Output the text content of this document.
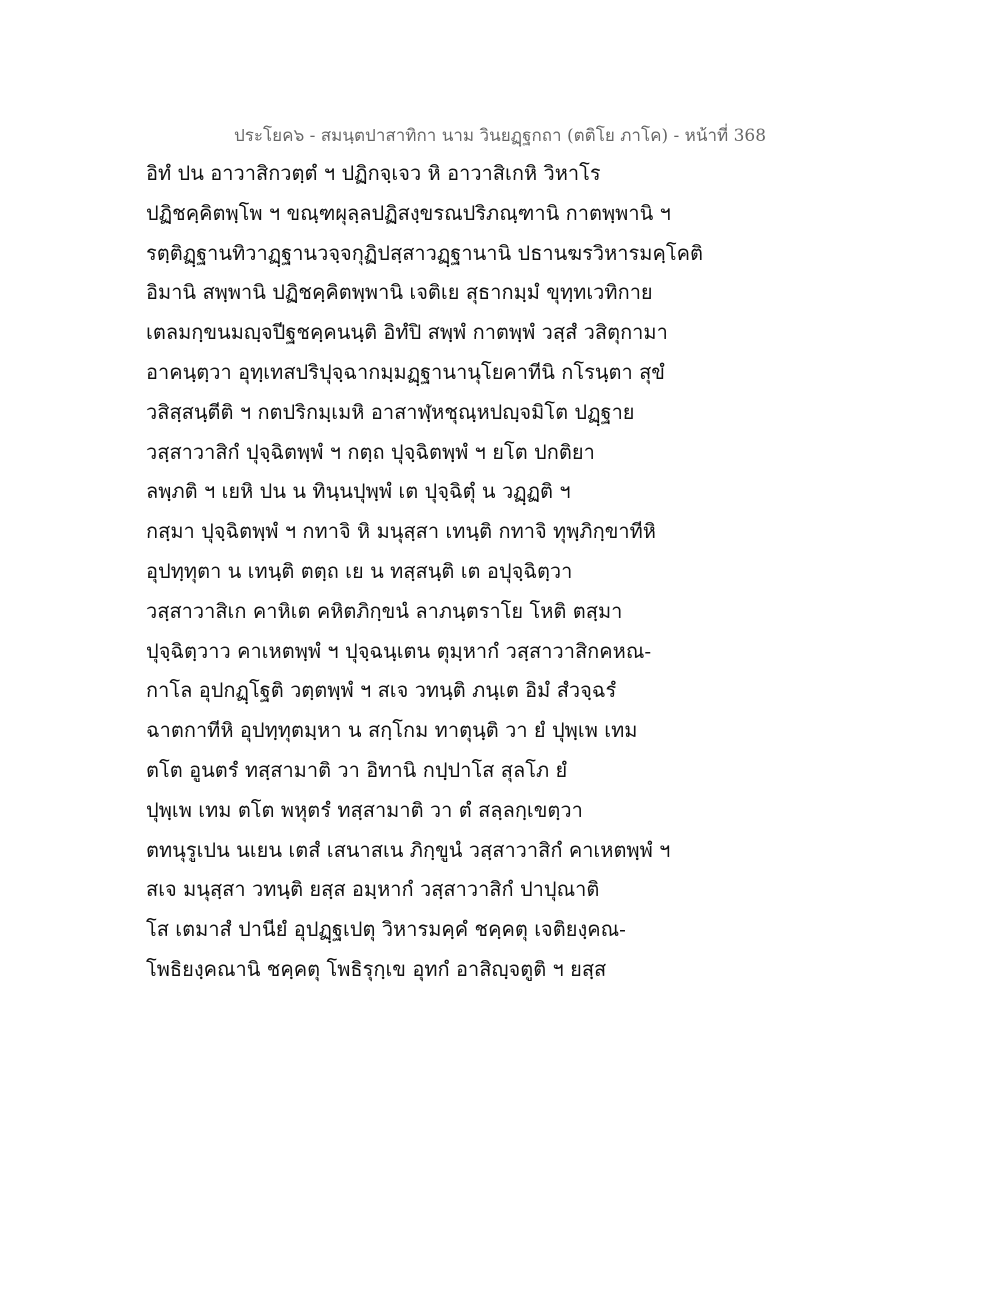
ประโยค๖ - สมนฺตปาสาทิกา นาม วินยฏฺฐกถา (ตติโย ภาโค) - หน้าที่ 368
อิทํ ปน อาวาสิกวตฺตํ ฯ ปฏิกจฺเจว หิ อาวาสิเกหิ วิหาโร
ปฏิชคฺคิตพฺโพ ฯ ขณฺฑผุลฺลปฏิสงฺขรณปริภณฺฑานิ กาตพฺพานิ ฯ
รตฺติฏฺฐานทิวาฏฺฐานวจฺจกุฏิปสฺสาวฏฺฐานานิ ปธานฆรวิหารมคฺโคติ
อิมานิ สพฺพานิ ปฏิชคฺคิตพฺพานิ เจติเย สุธากมฺมํ ขุทฺทเวทิกาย
เตลมกฺขนมญฺจปีฐชคฺคนนฺติ อิทํปิ สพฺพํ กาตพฺพํ วสฺสํ วสิตุกามา
อาคนฺตฺวา อุทฺเทสปริปุจฺฉากมฺมฏฺฐานานุโยคาทีนิ กโรนฺตา สุขํ
วสิสฺสนฺตีติ ฯ กตปริกมฺเมหิ อาสาฬฺหชุณฺหปญฺจมิโต ปฏฺฐาย
วสฺสาวาสิกํ ปุจฺฉิตพฺพํ ฯ กตฺถ ปุจฺฉิตพฺพํ ฯ ยโต ปกติยา
ลพฺภติ ฯ เยหิ ปน น ทินฺนปุพฺพํ เต ปุจฺฉิตุํ น วฏฺฏติ ฯ
กสฺมา ปุจฺฉิตพฺพํ ฯ กทาจิ หิ มนุสฺสา เทนฺติ กทาจิ ทุพฺภิกฺขาทีหิ
อุปทฺทุตา น เทนฺติ ตตฺถ เย น ทสฺสนฺติ เต อปุจฺฉิตฺวา
วสฺสาวาสิเก คาหิเต คหิตภิกฺขนํ ลาภนฺตราโย โหติ ตสฺมา
ปุจฺฉิตฺวาว คาเหตพฺพํ ฯ ปุจฺฉนฺเตน ตุมฺหากํ วสฺสาวาสิกคหณ-
กาโล อุปกฏฺโฐติ วตฺตพฺพํ ฯ สเจ วทนฺติ ภนฺเต อิมํ สํวจฺฉรํ
ฉาตกาทีหิ อุปทฺทุตมฺหา น สกฺโกม ทาตุนฺติ วา ยํ ปุพฺเพ เทม
ตโต อูนตรํ ทสฺสามาติ วา อิทานิ กปฺปาโส สุลโภ ยํ
ปุพฺเพ เทม ตโต พหุตรํ ทสฺสามาติ วา ตํ สลฺลกฺเขตฺวา
ตทนุรูเปน นเยน เตสํ เสนาสเน ภิกฺขูนํ วสฺสาวาสิกํ คาเหตพฺพํ ฯ
สเจ มนุสฺสา วทนฺติ ยสฺส อมฺหากํ วสฺสาวาสิกํ ปาปุณาติ
โส เตมาสํ ปานียํ อุปฏฺฐเปตุ วิหารมคฺคํ ชคฺคตุ เจติยงฺคณ-
โพธิยงฺคณานิ ชคฺคตุ โพธิรุกฺเข อุทกํ อาสิญฺจตูติ ฯ ยสฺส
